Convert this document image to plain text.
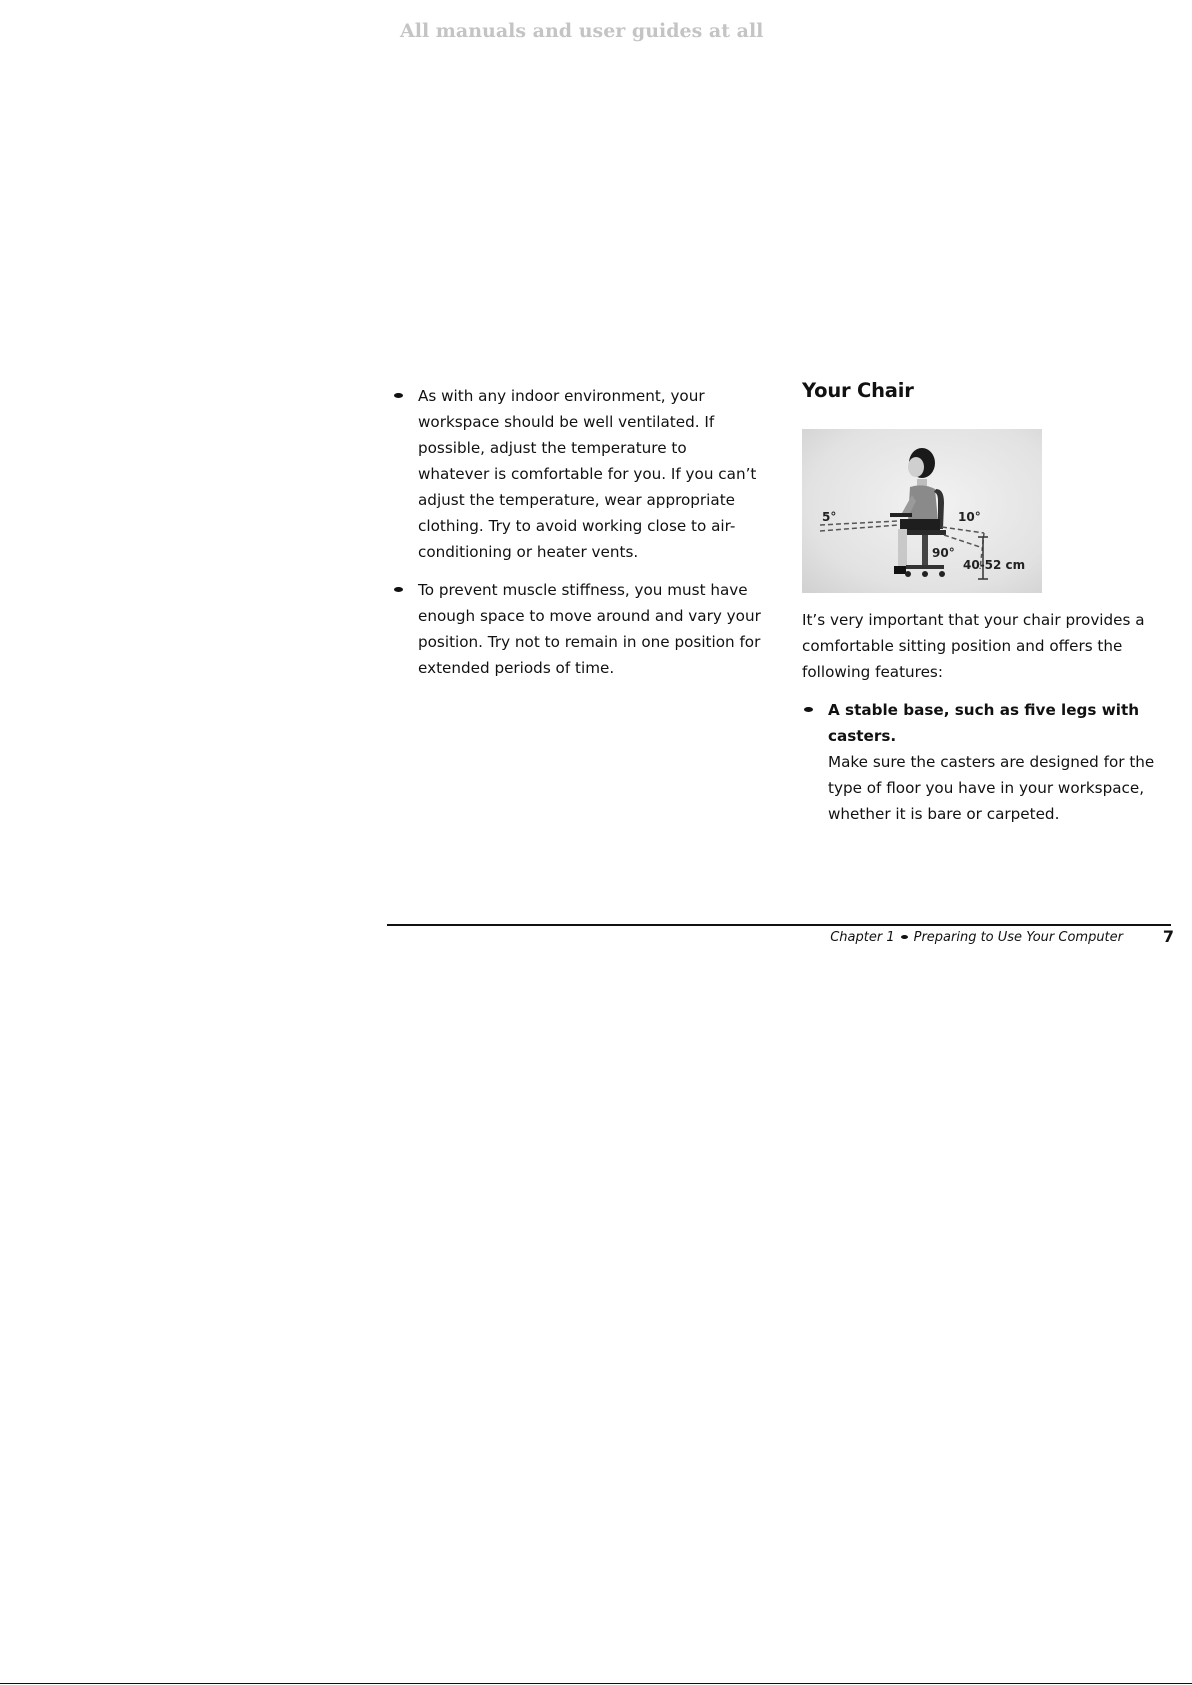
All manuals and user guides at all
As with any indoor environment, your workspace should be well ventilated. If possible, adjust the temperature to whatever is comfortable for you. If you can’t adjust the temperature, wear appropriate clothing. Try to avoid working close to air-conditioning or heater vents.
To prevent muscle stiffness, you must have enough space to move around and vary your position. Try not to remain in one position for extended periods of time.
Your Chair
5°	10°
90°
40-52 cm
It’s very important that your chair provides a comfortable sitting position and offers the following features:
A stable base, such as five legs with casters.
Make sure the casters are designed for the type of floor you have in your workspace, whether it is bare or carpeted.
Chapter 1 Preparing to Use Your Computer	7
